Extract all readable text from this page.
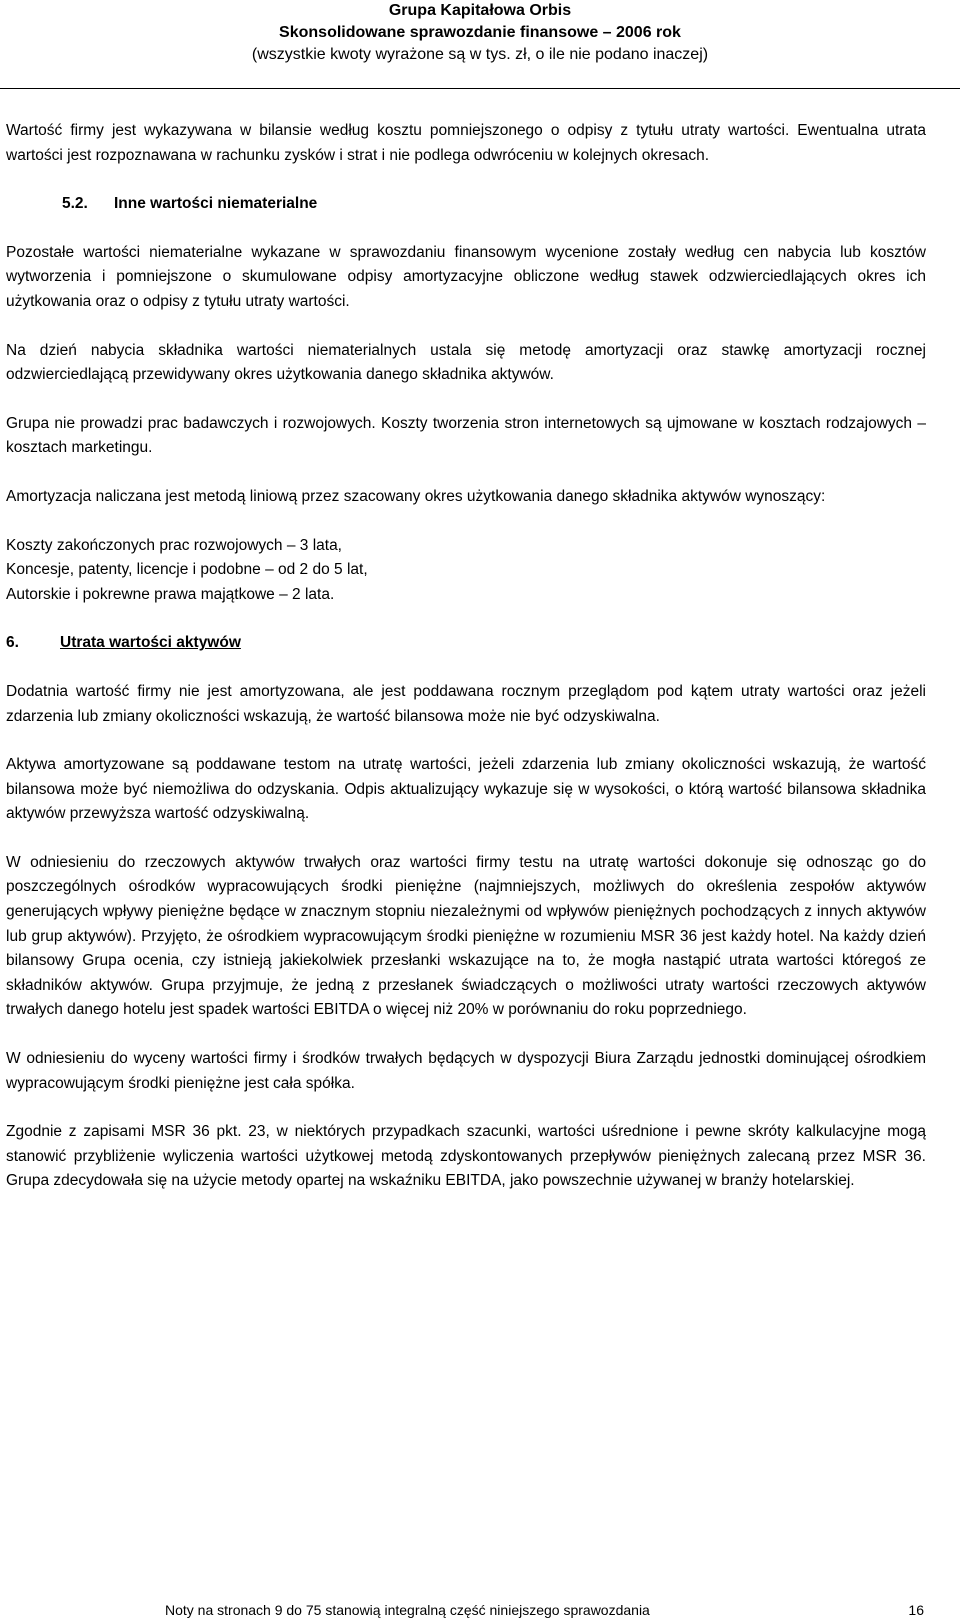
Grupa Kapitałowa Orbis
Skonsolidowane sprawozdanie finansowe – 2006 rok
(wszystkie kwoty wyrażone są w tys. zł, o ile nie podano inaczej)

Wartość firmy jest wykazywana w bilansie według kosztu pomniejszonego o odpisy z tytułu utraty wartości. Ewentualna utrata wartości jest rozpoznawana w rachunku zysków i strat i nie podlega odwróceniu w kolejnych okresach.

5.2. Inne wartości niematerialne

Pozostałe wartości niematerialne wykazane w sprawozdaniu finansowym wycenione zostały według cen nabycia lub kosztów wytworzenia i pomniejszone o skumulowane odpisy amortyzacyjne obliczone według stawek odzwierciedlających okres ich użytkowania oraz o odpisy z tytułu utraty wartości.

Na dzień nabycia składnika wartości niematerialnych ustala się metodę amortyzacji oraz stawkę amortyzacji rocznej odzwierciedlającą przewidywany okres użytkowania danego składnika aktywów.

Grupa nie prowadzi prac badawczych i rozwojowych. Koszty tworzenia stron internetowych są ujmowane w kosztach rodzajowych – kosztach marketingu.

Amortyzacja naliczana jest metodą liniową przez szacowany okres użytkowania danego składnika aktywów wynoszący:

Koszty zakończonych prac rozwojowych – 3 lata,

Koncesje, patenty, licencje i podobne – od 2 do 5 lat,

Autorskie i pokrewne prawa majątkowe – 2 lata.

6.	Utrata wartości aktywów

Dodatnia wartość firmy nie jest amortyzowana, ale jest poddawana rocznym przeglądom pod kątem utraty wartości oraz jeżeli zdarzenia lub zmiany okoliczności wskazują, że wartość bilansowa może nie być odzyskiwalna.

Aktywa amortyzowane są poddawane testom na utratę wartości, jeżeli zdarzenia lub zmiany okoliczności wskazują, że wartość bilansowa może być niemożliwa do odzyskania. Odpis aktualizujący wykazuje się w wysokości, o którą wartość bilansowa składnika aktywów przewyższa wartość odzyskiwalną.

W odniesieniu do rzeczowych aktywów trwałych oraz wartości firmy testu na utratę wartości dokonuje się odnosząc go do poszczególnych ośrodków wypracowujących środki pieniężne (najmniejszych, możliwych do określenia zespołów aktywów generujących wpływy pieniężne będące w znacznym stopniu niezależnymi od wpływów pieniężnych pochodzących z innych aktywów lub grup aktywów). Przyjęto, że ośrodkiem wypracowującym środki pieniężne w rozumieniu MSR 36 jest każdy hotel. Na każdy dzień bilansowy Grupa ocenia, czy istnieją jakiekolwiek przesłanki wskazujące na to, że mogła nastąpić utrata wartości któregoś ze składników aktywów. Grupa przyjmuje, że jedną z przesłanek świadczących o możliwości utraty wartości rzeczowych aktywów trwałych danego hotelu jest spadek wartości EBITDA o więcej niż 20% w porównaniu do roku poprzedniego.

W odniesieniu do wyceny wartości firmy i środków trwałych będących w dyspozycji Biura Zarządu jednostki dominującej ośrodkiem wypracowującym środki pieniężne jest cała spółka.

Zgodnie z zapisami MSR 36 pkt. 23, w niektórych przypadkach szacunki, wartości uśrednione i pewne skróty kalkulacyjne mogą stanowić przybliżenie wyliczenia wartości użytkowej metodą zdyskontowanych przepływów pieniężnych zalecaną przez MSR 36. Grupa zdecydowała się na użycie metody opartej na wskaźniku EBITDA, jako powszechnie używanej w branży hotelarskiej.

Noty na stronach 9 do 75 stanowią integralną część niniejszego sprawozdania	16
